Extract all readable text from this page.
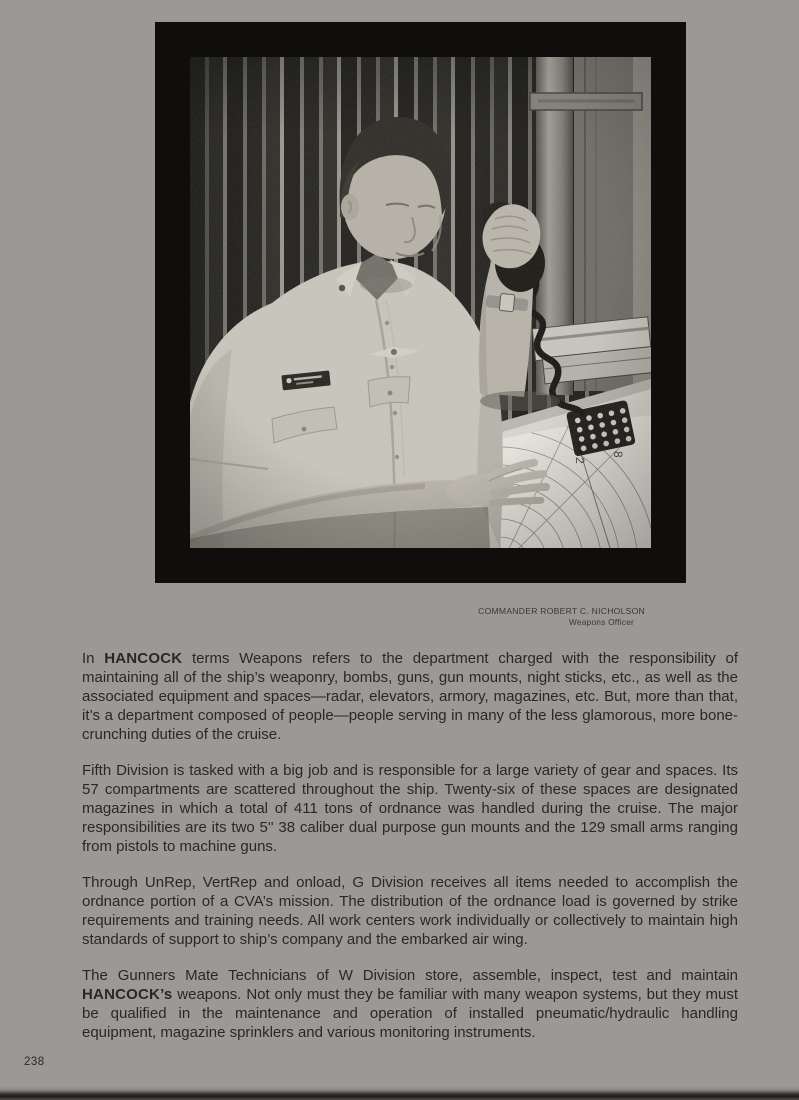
COMMANDER ROBERT C. NICHOLSON
Weapons Officer

In HANCOCK terms Weapons refers to the department charged with the responsibility of maintaining all of the ship’s weaponry, bombs, guns, gun mounts, night sticks, etc., as well as the associated equipment and spaces—radar, elevators, armory, magazines, etc. But, more than that, it’s a department composed of people—people serving in many of the less glamorous, more bone-crunching duties of the cruise.

Fifth Division is tasked with a big job and is responsible for a large variety of gear and spaces. Its 57 compartments are scattered throughout the ship. Twenty-six of these spaces are designated magazines in which a total of 411 tons of ordnance was handled during the cruise. The major responsibilities are its two 5'' 38 caliber dual purpose gun mounts and the 129 small arms ranging from pistols to machine guns.

Through UnRep, VertRep and onload, G Division receives all items needed to accomplish the ordnance portion of a CVA’s mission. The distribution of the ordnance load is governed by strike requirements and training needs. All work centers work individually or collectively to maintain high standards of support to ship’s company and the embarked air wing.

The Gunners Mate Technicians of W Division store, assemble, inspect, test and maintain HANCOCK’s weapons. Not only must they be familiar with many weapon systems, but they must be qualified in the maintenance and operation of installed pneumatic/hydraulic handling equipment, magazine sprinklers and various monitoring instruments.

238
